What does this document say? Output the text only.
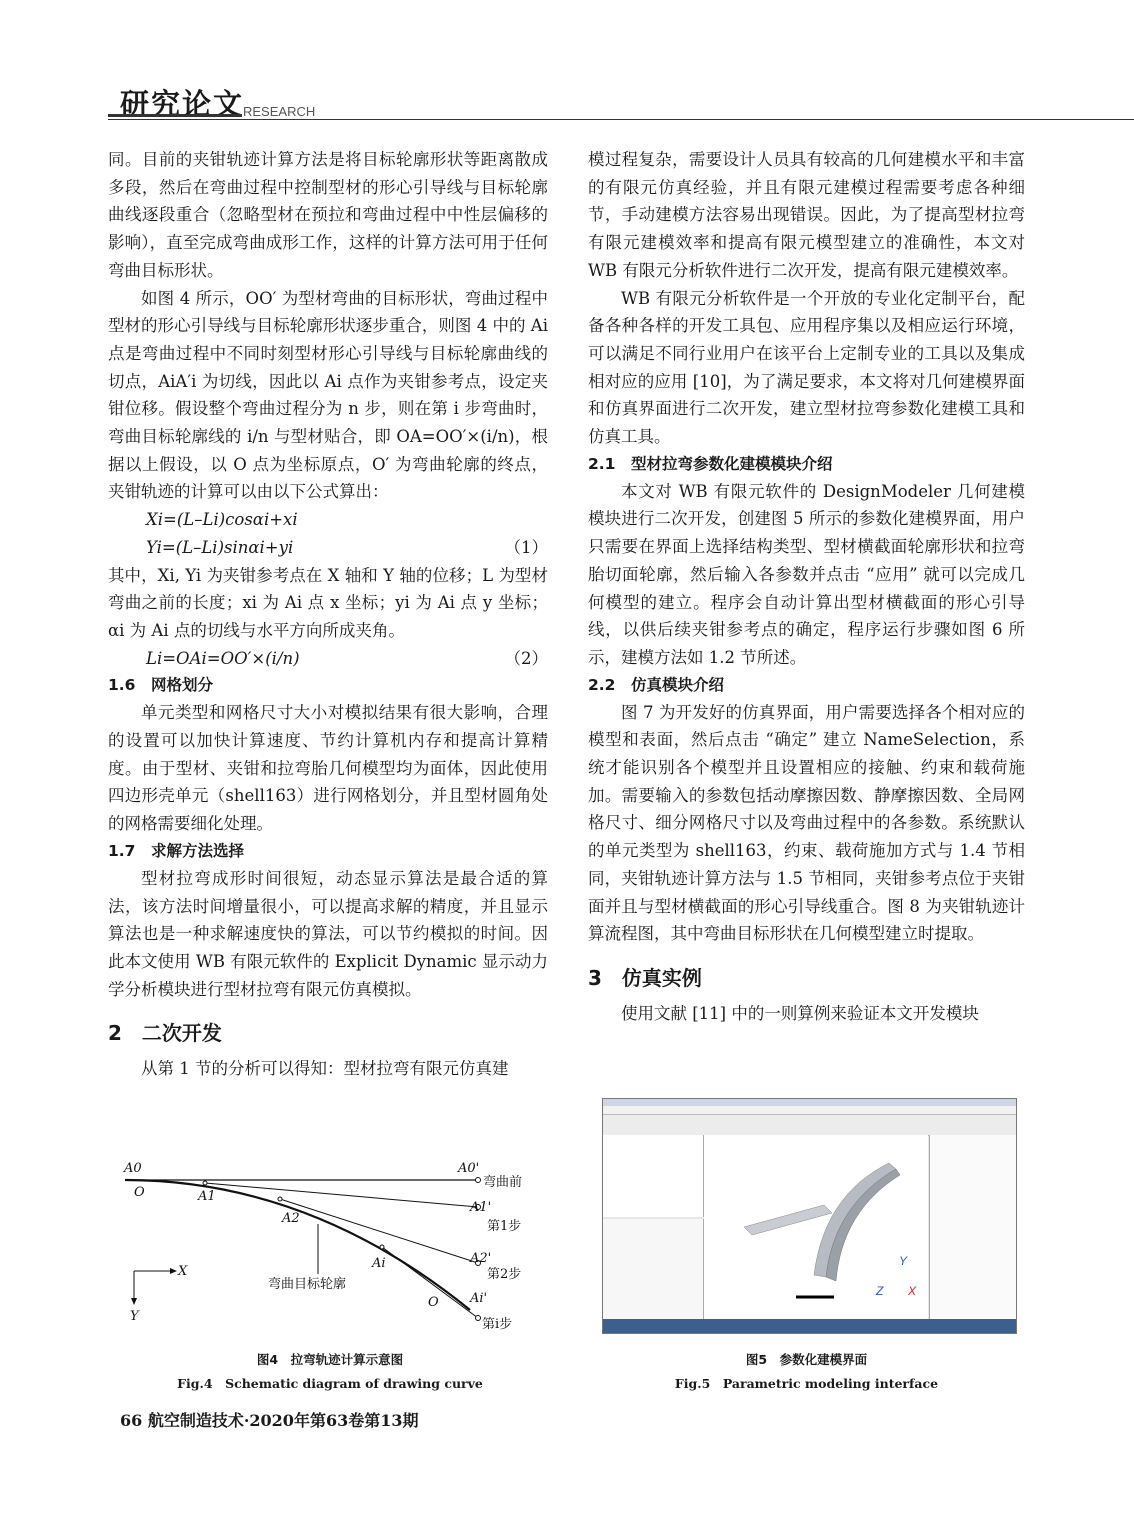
研究论文
RESEARCH

同。目前的夹钳轨迹计算方法是将目标轮廓形状等距离散成多段，然后在弯曲过程中控制型材的形心引导线与目标轮廓曲线逐段重合（忽略型材在预拉和弯曲过程中中性层偏移的影响），直至完成弯曲成形工作，这样的计算方法可用于任何弯曲目标形状。

如图 4 所示，OO′ 为型材弯曲的目标形状，弯曲过程中型材的形心引导线与目标轮廓形状逐步重合，则图 4 中的 Ai 点是弯曲过程中不同时刻型材形心引导线与目标轮廓曲线的切点，AiA′i 为切线，因此以 Ai 点作为夹钳参考点，设定夹钳位移。假设整个弯曲过程分为 n 步，则在第 i 步弯曲时，弯曲目标轮廓线的 i/n 与型材贴合，即 OA=OO′×(i/n)，根据以上假设，以 O 点为坐标原点，O′ 为弯曲轮廓的终点，夹钳轨迹的计算可以由以下公式算出：

Xi=(L–Li)cosαi+xi

Yi=(L–Li)sinαi+yi	（1）

其中，Xi, Yi 为夹钳参考点在 X 轴和 Y 轴的位移；L 为型材弯曲之前的长度；xi 为 Ai 点 x 坐标；yi 为 Ai 点 y 坐标；αi 为 Ai 点的切线与水平方向所成夹角。

Li=OAi=OO′×(i/n)	（2）

1.6　网格划分

单元类型和网格尺寸大小对模拟结果有很大影响，合理的设置可以加快计算速度、节约计算机内存和提高计算精度。由于型材、夹钳和拉弯胎几何模型均为面体，因此使用四边形壳单元（shell163）进行网格划分，并且型材圆角处的网格需要细化处理。

1.7　求解方法选择

型材拉弯成形时间很短，动态显示算法是最合适的算法，该方法时间增量很小，可以提高求解的精度，并且显示算法也是一种求解速度快的算法，可以节约模拟的时间。因此本文使用 WB 有限元软件的 Explicit Dynamic 显示动力学分析模块进行型材拉弯有限元仿真模拟。

2　二次开发

从第 1 节的分析可以得知：型材拉弯有限元仿真建

模过程复杂，需要设计人员具有较高的几何建模水平和丰富的有限元仿真经验，并且有限元建模过程需要考虑各种细节，手动建模方法容易出现错误。因此，为了提高型材拉弯有限元建模效率和提高有限元模型建立的准确性，本文对 WB 有限元分析软件进行二次开发，提高有限元建模效率。

WB 有限元分析软件是一个开放的专业化定制平台，配备各种各样的开发工具包、应用程序集以及相应运行环境，可以满足不同行业用户在该平台上定制专业的工具以及集成相对应的应用 [10]，为了满足要求，本文将对几何建模界面和仿真界面进行二次开发，建立型材拉弯参数化建模工具和仿真工具。

2.1　型材拉弯参数化建模模块介绍

本文对 WB 有限元软件的 DesignModeler 几何建模模块进行二次开发，创建图 5 所示的参数化建模界面，用户只需要在界面上选择结构类型、型材横截面轮廓形状和拉弯胎切面轮廓，然后输入各参数并点击 “应用” 就可以完成几何模型的建立。程序会自动计算出型材横截面的形心引导线，以供后续夹钳参考点的确定，程序运行步骤如图 6 所示，建模方法如 1.2 节所述。

2.2　仿真模块介绍

图 7 为开发好的仿真界面，用户需要选择各个相对应的模型和表面，然后点击 “确定” 建立 NameSelection，系统才能识别各个模型并且设置相应的接触、约束和载荷施加。需要输入的参数包括动摩擦因数、静摩擦因数、全局网格尺寸、细分网格尺寸以及弯曲过程中的各参数。系统默认的单元类型为 shell163，约束、载荷施加方式与 1.4 节相同，夹钳轨迹计算方法与 1.5 节相同，夹钳参考点位于夹钳面并且与型材横截面的形心引导线重合。图 8 为夹钳轨迹计算流程图，其中弯曲目标形状在几何模型建立时提取。

3　仿真实例

使用文献 [11] 中的一则算例来验证本文开发模块

A0
O
A0'
弯曲前
A1
A1'
第1步
A2
A2'
第2步
Ai
Ai'
第i步
弯曲目标轮廓
O
X
Y
图4　拉弯轨迹计算示意图
Fig.4　Schematic diagram of drawing curve
Y
Z X
图5　参数化建模界面
Fig.5　Parametric modeling interface
66 航空制造技术·2020年第63卷第13期
